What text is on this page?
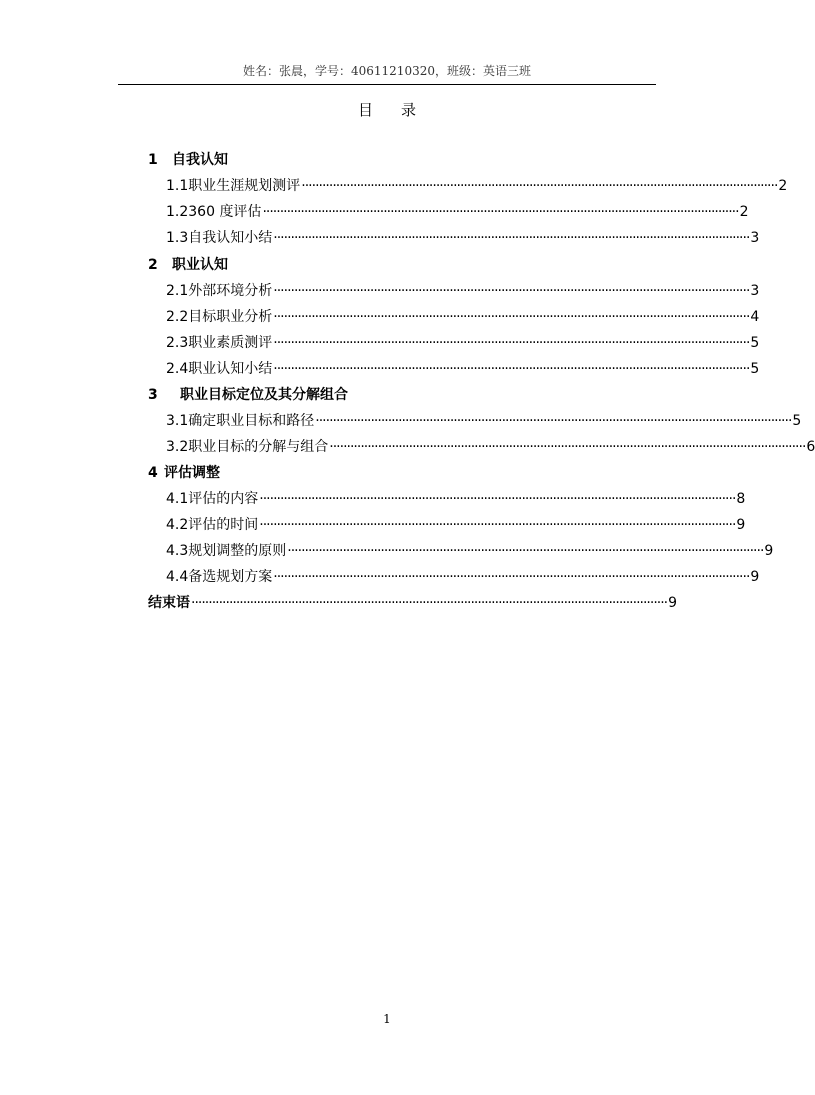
姓名：张晨，学号：40611210320，班级：英语三班
目录
1	自我认知
1.1 职业生涯规划测评 ·········································································································································· 2
1.2 360 度评估 ·········································································································································· 2
1.3 自我认知小结 ·········································································································································· 3
2	职业认知
2.1 外部环境分析 ·········································································································································· 3
2.2 目标职业分析 ·········································································································································· 4
2.3 职业素质测评 ·········································································································································· 5
2.4 职业认知小结 ·········································································································································· 5
3	职业目标定位及其分解组合
3.1 确定职业目标和路径 ·········································································································································· 5
3.2 职业目标的分解与组合 ·········································································································································· 6
4 评估调整
4.1 评估的内容 ·········································································································································· 8
4.2 评估的时间 ·········································································································································· 9
4.3 规划调整的原则 ·········································································································································· 9
4.4 备选规划方案 ·········································································································································· 9
结束语 ·········································································································································· 9
1
